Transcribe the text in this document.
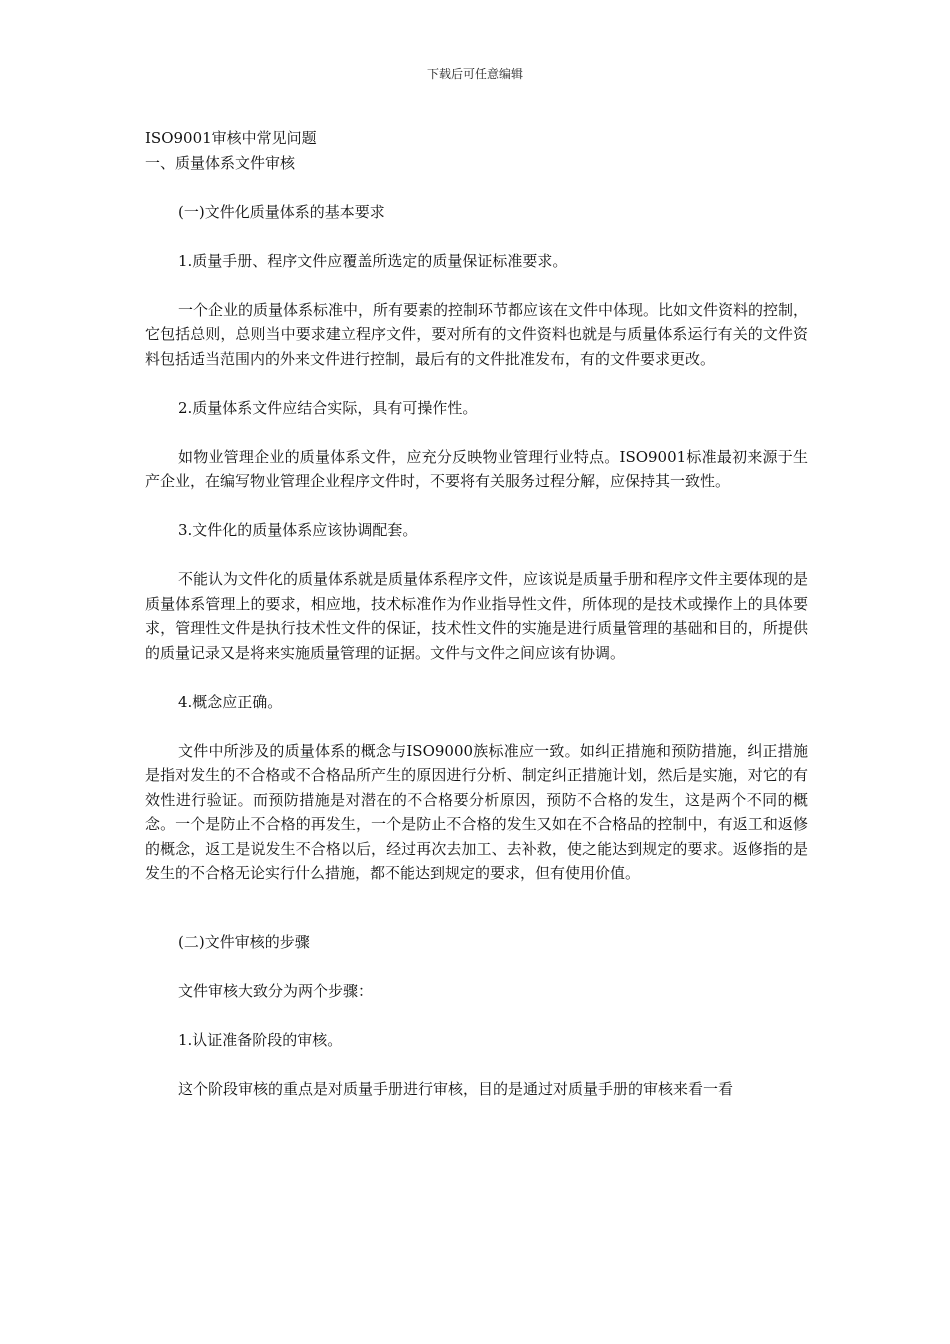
下载后可任意编辑

ISO9001审核中常见问题

一、质量体系文件审核

(一)文件化质量体系的基本要求

1.质量手册、程序文件应覆盖所选定的质量保证标准要求。

一个企业的质量体系标准中，所有要素的控制环节都应该在文件中体现。比如文件资料的控制，它包括总则，总则当中要求建立程序文件，要对所有的文件资料也就是与质量体系运行有关的文件资料包括适当范围内的外来文件进行控制，最后有的文件批准发布，有的文件要求更改。

2.质量体系文件应结合实际，具有可操作性。

如物业管理企业的质量体系文件，应充分反映物业管理行业特点。ISO9001标准最初来源于生产企业，在编写物业管理企业程序文件时，不要将有关服务过程分解，应保持其一致性。

3.文件化的质量体系应该协调配套。

不能认为文件化的质量体系就是质量体系程序文件，应该说是质量手册和程序文件主要体现的是质量体系管理上的要求，相应地，技术标准作为作业指导性文件，所体现的是技术或操作上的具体要求，管理性文件是执行技术性文件的保证，技术性文件的实施是进行质量管理的基础和目的，所提供的质量记录又是将来实施质量管理的证据。文件与文件之间应该有协调。

4.概念应正确。

文件中所涉及的质量体系的概念与ISO9000族标准应一致。如纠正措施和预防措施，纠正措施是指对发生的不合格或不合格品所产生的原因进行分析、制定纠正措施计划，然后是实施，对它的有效性进行验证。而预防措施是对潜在的不合格要分析原因，预防不合格的发生，这是两个不同的概念。一个是防止不合格的再发生，一个是防止不合格的发生又如在不合格品的控制中，有返工和返修的概念，返工是说发生不合格以后，经过再次去加工、去补救，使之能达到规定的要求。返修指的是发生的不合格无论实行什么措施，都不能达到规定的要求，但有使用价值。

(二)文件审核的步骤

文件审核大致分为两个步骤：

1.认证准备阶段的审核。

这个阶段审核的重点是对质量手册进行审核，目的是通过对质量手册的审核来看一看
